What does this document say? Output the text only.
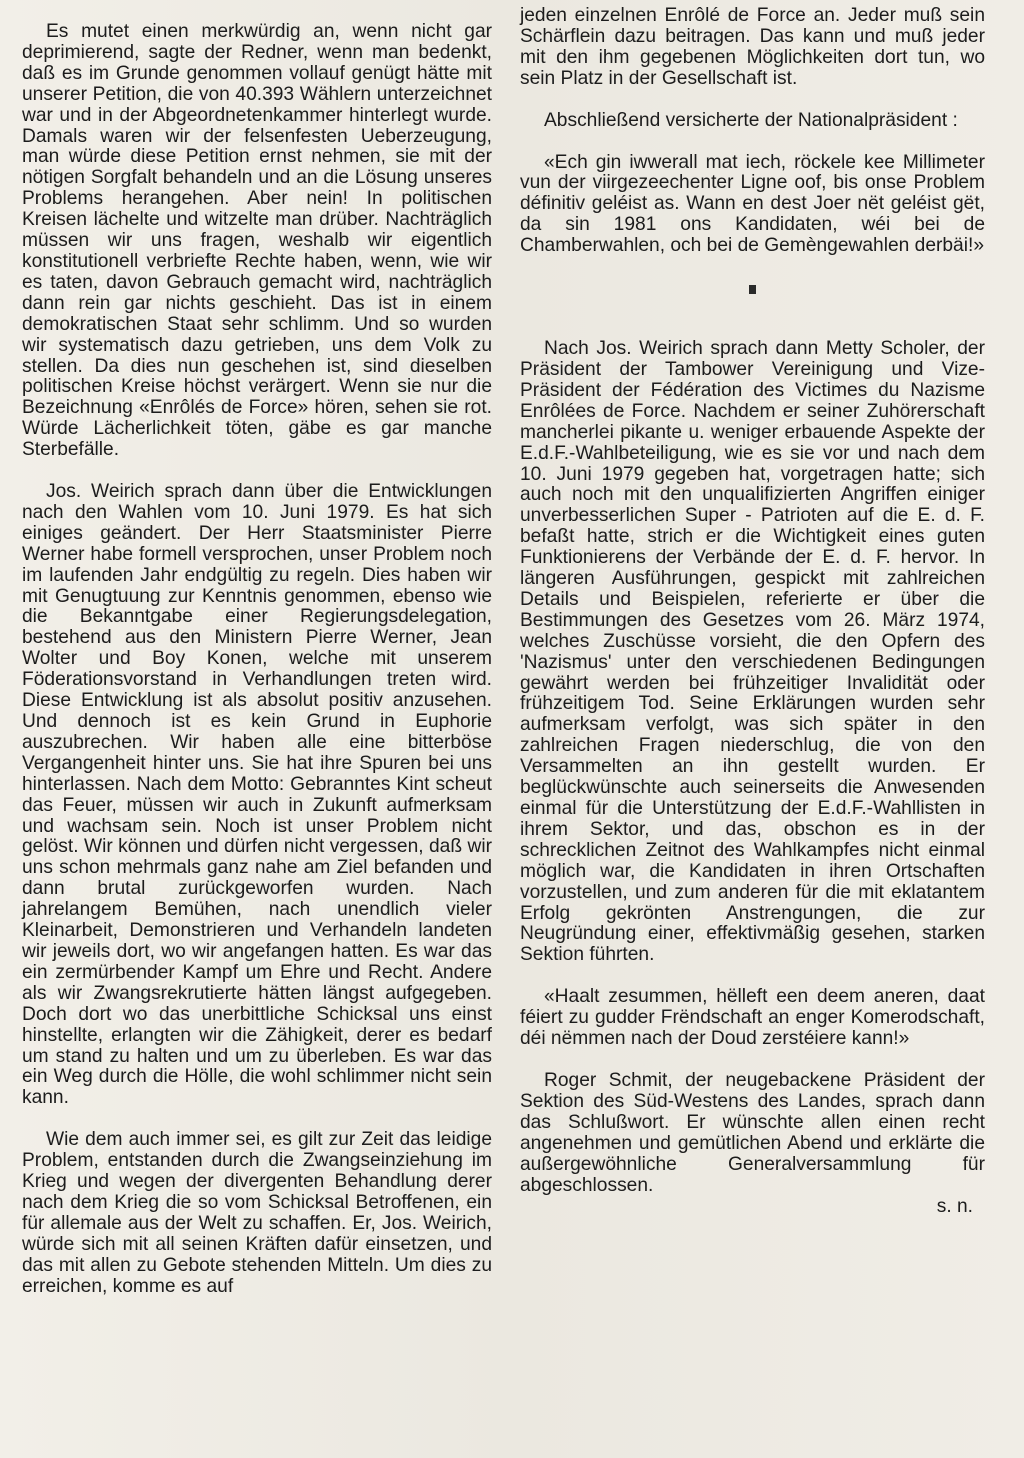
Es mutet einen merkwürdig an, wenn nicht gar deprimierend, sagte der Redner, wenn man bedenkt, daß es im Grunde genommen vollauf genügt hätte mit unserer Petition, die von 40.393 Wählern unterzeichnet war und in der Abgeordnetenkammer hinterlegt wurde. Damals waren wir der felsenfesten Ueberzeugung, man würde diese Petition ernst nehmen, sie mit der nötigen Sorgfalt behandeln und an die Lösung unseres Problems herangehen. Aber nein! In politischen Kreisen lächelte und witzelte man drüber. Nachträglich müssen wir uns fragen, weshalb wir eigentlich konstitutionell verbriefte Rechte haben, wenn, wie wir es taten, davon Gebrauch gemacht wird, nachträglich dann rein gar nichts geschieht. Das ist in einem demokratischen Staat sehr schlimm. Und so wurden wir systematisch dazu getrieben, uns dem Volk zu stellen. Da dies nun geschehen ist, sind dieselben politischen Kreise höchst verärgert. Wenn sie nur die Bezeichnung «Enrôlés de Force» hören, sehen sie rot. Würde Lächerlichkeit töten, gäbe es gar manche Sterbefälle.

Jos. Weirich sprach dann über die Entwicklungen nach den Wahlen vom 10. Juni 1979. Es hat sich einiges geändert. Der Herr Staatsminister Pierre Werner habe formell versprochen, unser Problem noch im laufenden Jahr endgültig zu regeln. Dies haben wir mit Genugtuung zur Kenntnis genommen, ebenso wie die Bekanntgabe einer Regierungsdelegation, bestehend aus den Ministern Pierre Werner, Jean Wolter und Boy Konen, welche mit unserem Föderationsvorstand in Verhandlungen treten wird. Diese Entwicklung ist als absolut positiv anzusehen. Und dennoch ist es kein Grund in Euphorie auszubrechen. Wir haben alle eine bitterböse Vergangenheit hinter uns. Sie hat ihre Spuren bei uns hinterlassen. Nach dem Motto: Gebranntes Kint scheut das Feuer, müssen wir auch in Zukunft aufmerksam und wachsam sein. Noch ist unser Problem nicht gelöst. Wir können und dürfen nicht vergessen, daß wir uns schon mehrmals ganz nahe am Ziel befanden und dann brutal zurückgeworfen wurden. Nach jahrelangem Bemühen, nach unendlich vieler Kleinarbeit, Demonstrieren und Verhandeln landeten wir jeweils dort, wo wir angefangen hatten. Es war das ein zermürbender Kampf um Ehre und Recht. Andere als wir Zwangsrekrutierte hätten längst aufgegeben. Doch dort wo das unerbittliche Schicksal uns einst hinstellte, erlangten wir die Zähigkeit, derer es bedarf um stand zu halten und um zu überleben. Es war das ein Weg durch die Hölle, die wohl schlimmer nicht sein kann.

Wie dem auch immer sei, es gilt zur Zeit das leidige Problem, entstanden durch die Zwangseinziehung im Krieg und wegen der divergenten Behandlung derer nach dem Krieg die so vom Schicksal Betroffenen, ein für allemale aus der Welt zu schaffen. Er, Jos. Weirich, würde sich mit all seinen Kräften dafür einsetzen, und das mit allen zu Gebote stehenden Mitteln. Um dies zu erreichen, komme es auf

jeden einzelnen Enrôlé de Force an. Jeder muß sein Schärflein dazu beitragen. Das kann und muß jeder mit den ihm gegebenen Möglichkeiten dort tun, wo sein Platz in der Gesellschaft ist.

Abschließend versicherte der Nationalpräsident :

«Ech gin iwwerall mat iech, röckele kee Millimeter vun der viirgezeechenter Ligne oof, bis onse Problem définitiv geléist as. Wann en dest Joer nët geléist gët, da sin 1981 ons Kandidaten, wéi bei de Chamberwahlen, och bei de Gemèngewahlen derbäi!»

Nach Jos. Weirich sprach dann Metty Scholer, der Präsident der Tambower Vereinigung und Vize-Präsident der Fédération des Victimes du Nazisme Enrôlées de Force. Nachdem er seiner Zuhörerschaft mancherlei pikante u. weniger erbauende Aspekte der E.d.F.-Wahlbeteiligung, wie es sie vor und nach dem 10. Juni 1979 gegeben hat, vorgetragen hatte; sich auch noch mit den unqualifizierten Angriffen einiger unverbesserlichen Super - Patrioten auf die E. d. F. befaßt hatte, strich er die Wichtigkeit eines guten Funktionierens der Verbände der E. d. F. hervor. In längeren Ausführungen, gespickt mit zahlreichen Details und Beispielen, referierte er über die Bestimmungen des Gesetzes vom 26. März 1974, welches Zuschüsse vorsieht, die den Opfern des 'Nazismus' unter den verschiedenen Bedingungen gewährt werden bei frühzeitiger Invalidität oder frühzeitigem Tod. Seine Erklärungen wurden sehr aufmerksam verfolgt, was sich später in den zahlreichen Fragen niederschlug, die von den Versammelten an ihn gestellt wurden. Er beglückwünschte auch seinerseits die Anwesenden einmal für die Unterstützung der E.d.F.-Wahllisten in ihrem Sektor, und das, obschon es in der schrecklichen Zeitnot des Wahlkampfes nicht einmal möglich war, die Kandidaten in ihren Ortschaften vorzustellen, und zum anderen für die mit eklatantem Erfolg gekrönten Anstrengungen, die zur Neugründung einer, effektivmäßig gesehen, starken Sektion führten.

«Haalt zesummen, hëlleft een deem aneren, daat féiert zu gudder Frëndschaft an enger Komerodschaft, déi nëmmen nach der Doud zerstéiere kann!»

Roger Schmit, der neugebackene Präsident der Sektion des Süd-Westens des Landes, sprach dann das Schlußwort. Er wünschte allen einen recht angenehmen und gemütlichen Abend und erklärte die außergewöhnliche Generalversammlung für abgeschlossen.

s. n.
